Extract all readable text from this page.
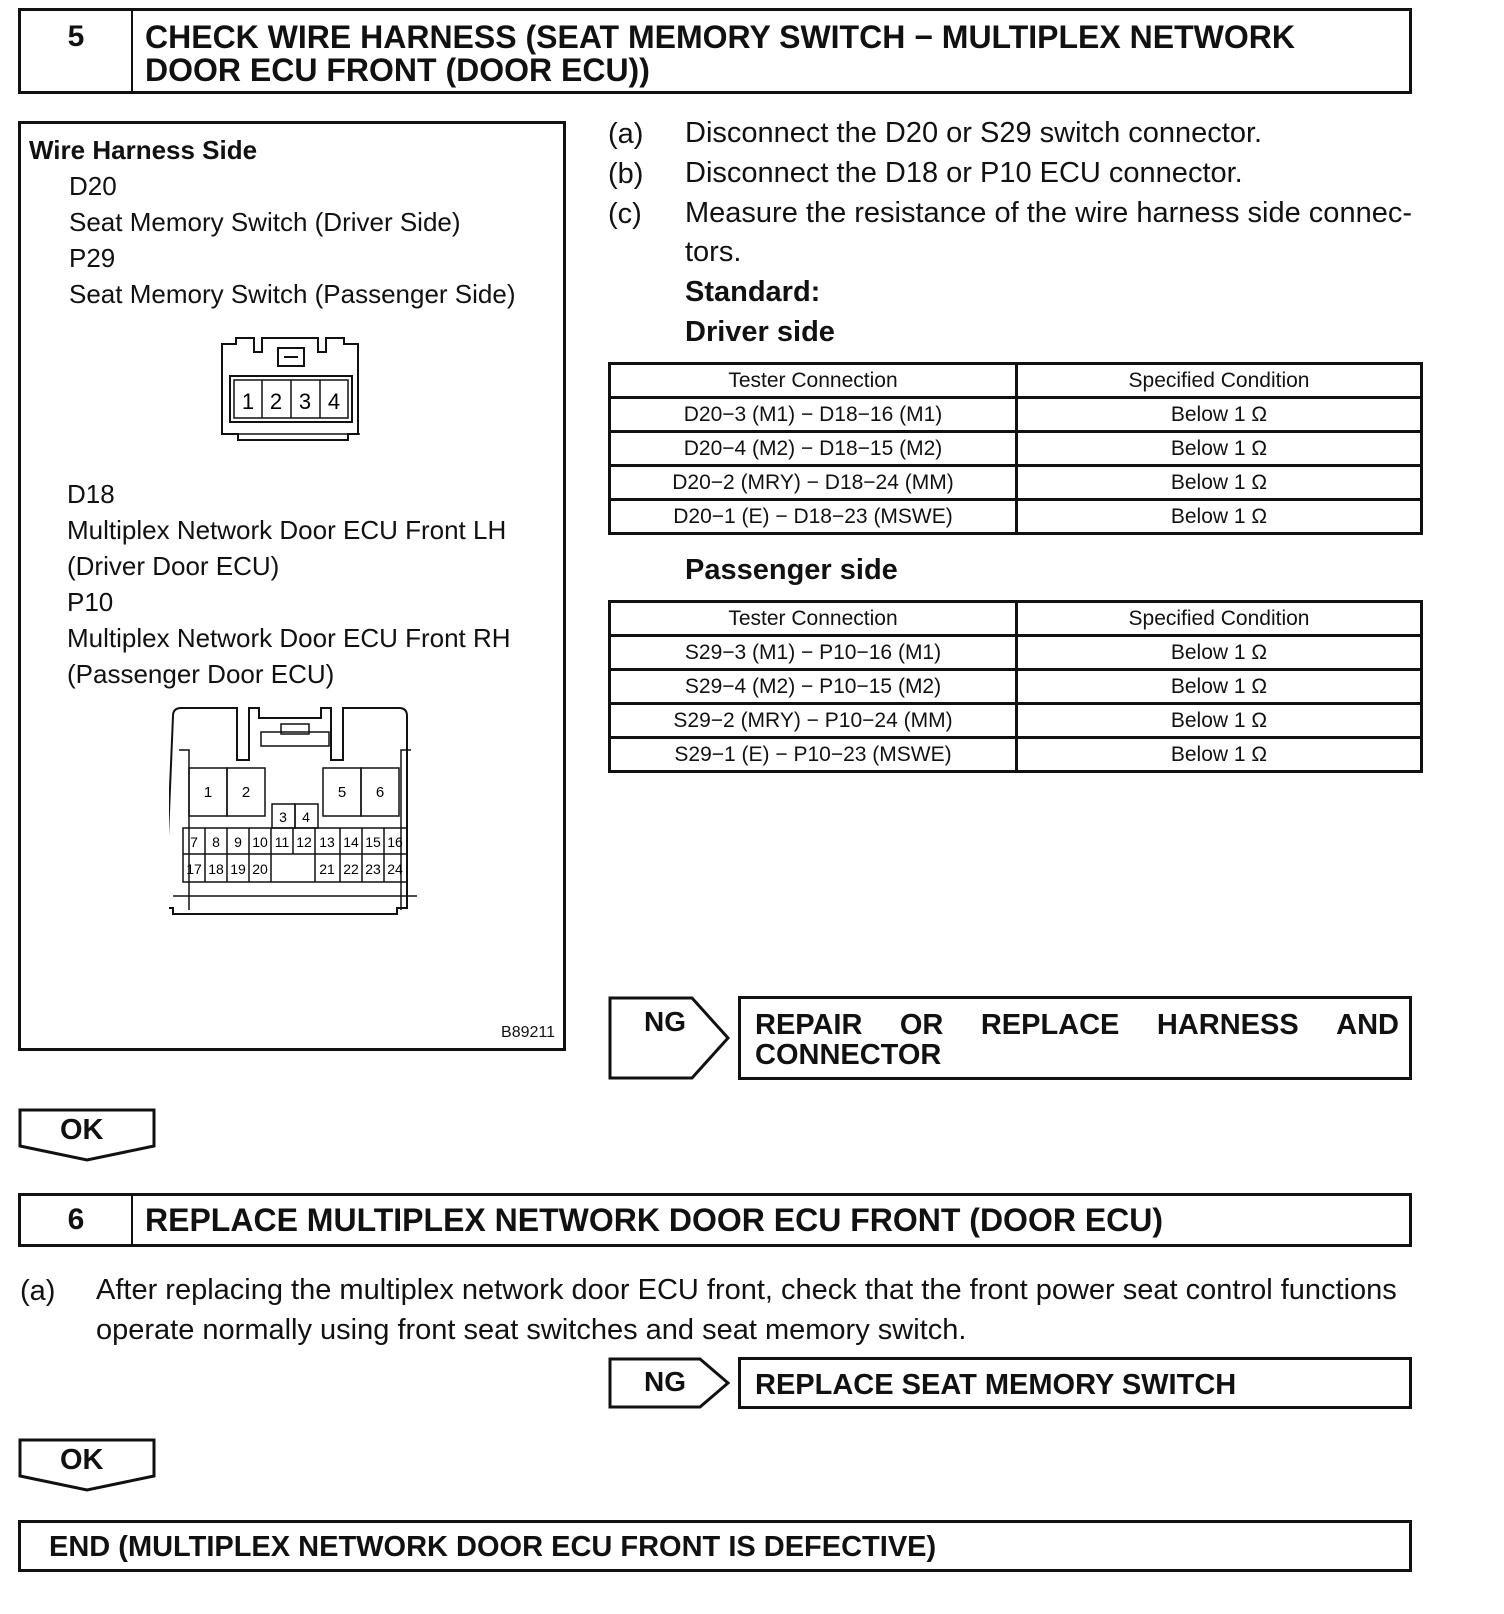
5	CHECK WIRE HARNESS (SEAT MEMORY SWITCH − MULTIPLEX NETWORK
DOOR ECU FRONT (DOOR ECU))
Wire Harness Side
D20
Seat Memory Switch (Driver Side)
P29
Seat Memory Switch (Passenger Side)
1 2 3 4
D18
Multiplex Network Door ECU Front LH
(Driver Door ECU)
P10
Multiplex Network Door ECU Front RH
(Passenger Door ECU)
1 2	5 6
3 4
7 8 9 10 11 12 13 14 15 16
17 18 19 20	21 22 23 24
B89211
(a) Disconnect the D20 or S29 switch connector.
(b) Disconnect the D18 or P10 ECU connector.
(c) Measure the resistance of the wire harness side connec-
tors.
Standard:
Driver side
Tester Connection	Specified Condition
D20−3 (M1) − D18−16 (M1)	Below 1 Ω
D20−4 (M2) − D18−15 (M2)	Below 1 Ω
D20−2 (MRY) − D18−24 (MM)	Below 1 Ω
D20−1 (E) − D18−23 (MSWE)	Below 1 Ω
Passenger side
Tester Connection	Specified Condition
S29−3 (M1) − P10−16 (M1)	Below 1 Ω
S29−4 (M2) − P10−15 (M2)	Below 1 Ω
S29−2 (MRY) − P10−24 (MM)	Below 1 Ω
S29−1 (E) − P10−23 (MSWE)	Below 1 Ω
NG REPAIR OR REPLACE HARNESS AND
CONNECTOR
OK
6	REPLACE MULTIPLEX NETWORK DOOR ECU FRONT (DOOR ECU)
(a) After replacing the multiplex network door ECU front, check that the front power seat control functions
operate normally using front seat switches and seat memory switch.
NG REPLACE SEAT MEMORY SWITCH
OK
END (MULTIPLEX NETWORK DOOR ECU FRONT IS DEFECTIVE)
